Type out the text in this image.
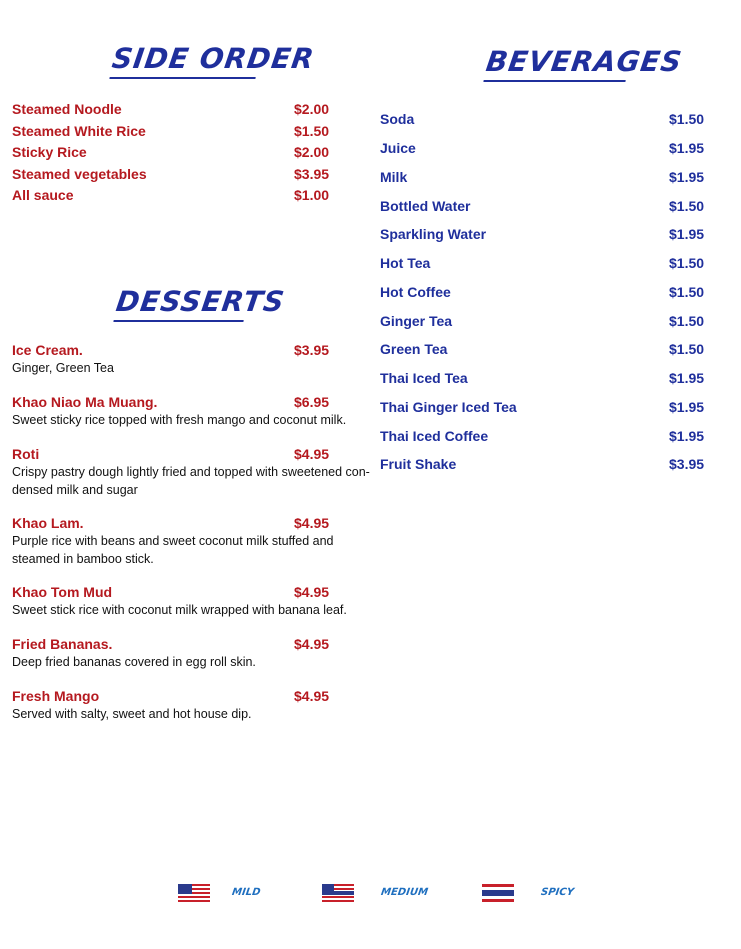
SIDE ORDER	BEVERAGES
DESSERTS
Steamed Noodle	$2.00
Steamed White Rice	$1.50
Sticky Rice	$2.00
Steamed vegetables	$3.95
All sauce	$1.00
Ice Cream.	$3.95
Ginger, Green Tea
Khao Niao Ma Muang.	$6.95
Sweet sticky rice topped with fresh mango and coconut milk.
Roti	$4.95
Crispy pastry dough lightly fried and topped with sweetened con-
densed milk and sugar
Khao Lam.	$4.95
Purple rice with beans and sweet coconut milk stuffed and
steamed in bamboo stick.
Khao Tom Mud	$4.95
Sweet stick rice with coconut milk wrapped with banana leaf.
Fried Bananas.	$4.95
Deep fried bananas covered in egg roll skin.
Fresh Mango	$4.95
Served with salty, sweet and hot house dip.
Soda	$1.50
Juice	$1.95
Milk	$1.95
Bottled Water	$1.50
Sparkling Water	$1.95
Hot Tea	$1.50
Hot Coffee	$1.50
Ginger Tea	$1.50
Green Tea	$1.50
Thai Iced Tea	$1.95
Thai Ginger Iced Tea	$1.95
Thai Iced Coffee	$1.95
Fruit Shake	$3.95
MILD	MEDIUM	SPICY
